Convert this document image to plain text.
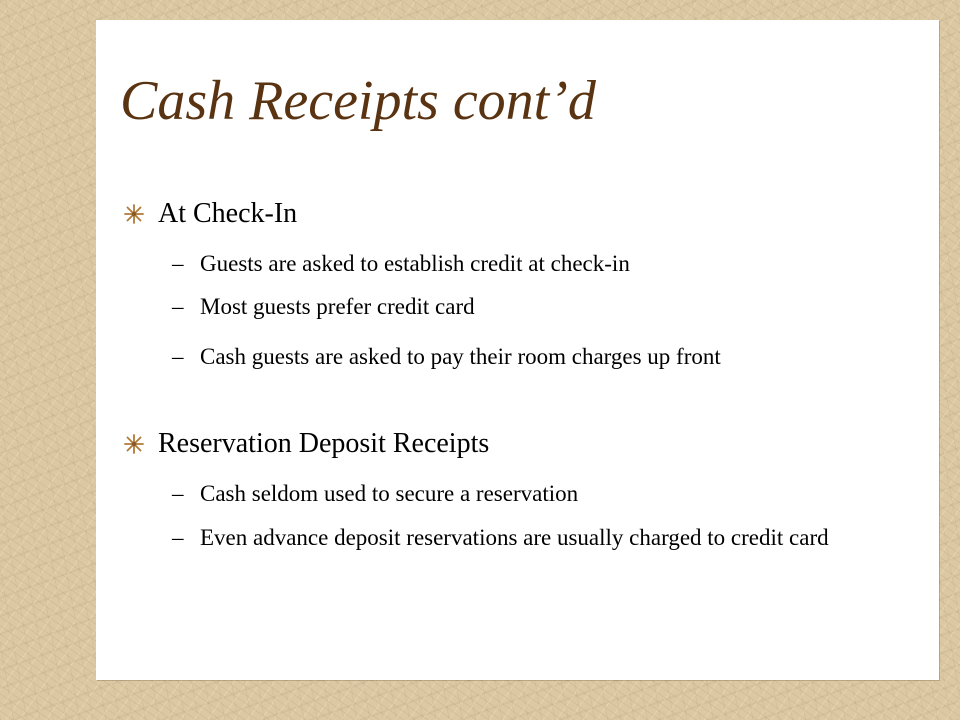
Cash Receipts cont’d
At Check-In
– Guests are asked to establish credit at check-in
– Most guests prefer credit card
– Cash guests are asked to pay their room charges up front
Reservation Deposit Receipts
– Cash seldom used to secure a reservation
– Even advance deposit reservations are usually charged to credit card
